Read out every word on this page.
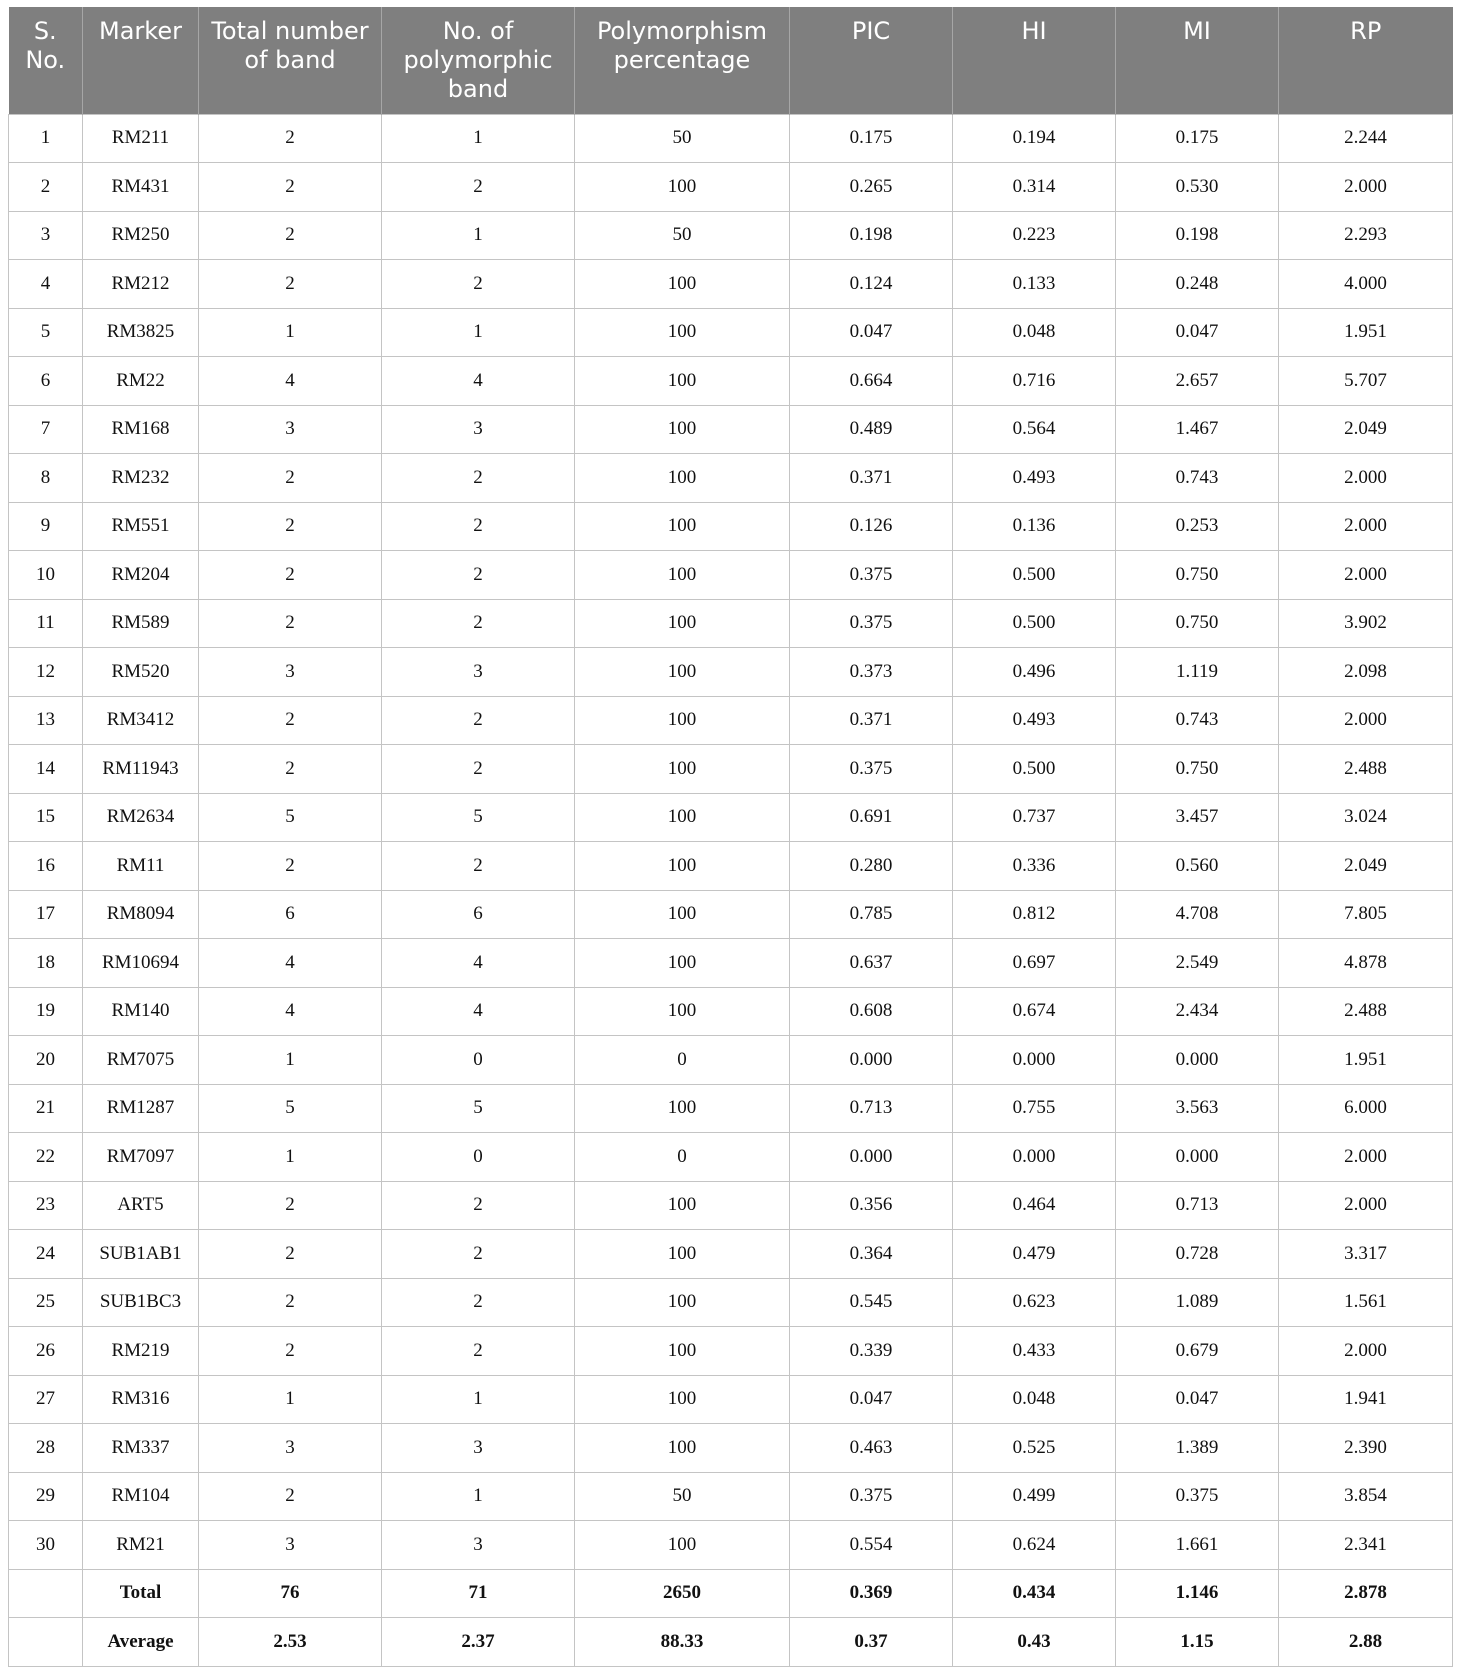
S.
No.	Marker	Total number of band	No. of polymorphic band	Polymorphism percentage	PIC	HI	MI	RP
1	RM211	2	1	50	0.175	0.194	0.175	2.244
2	RM431	2	2	100	0.265	0.314	0.530	2.000
3	RM250	2	1	50	0.198	0.223	0.198	2.293
4	RM212	2	2	100	0.124	0.133	0.248	4.000
5	RM3825	1	1	100	0.047	0.048	0.047	1.951
6	RM22	4	4	100	0.664	0.716	2.657	5.707
7	RM168	3	3	100	0.489	0.564	1.467	2.049
8	RM232	2	2	100	0.371	0.493	0.743	2.000
9	RM551	2	2	100	0.126	0.136	0.253	2.000
10	RM204	2	2	100	0.375	0.500	0.750	2.000
11	RM589	2	2	100	0.375	0.500	0.750	3.902
12	RM520	3	3	100	0.373	0.496	1.119	2.098
13	RM3412	2	2	100	0.371	0.493	0.743	2.000
14	RM11943	2	2	100	0.375	0.500	0.750	2.488
15	RM2634	5	5	100	0.691	0.737	3.457	3.024
16	RM11	2	2	100	0.280	0.336	0.560	2.049
17	RM8094	6	6	100	0.785	0.812	4.708	7.805
18	RM10694	4	4	100	0.637	0.697	2.549	4.878
19	RM140	4	4	100	0.608	0.674	2.434	2.488
20	RM7075	1	0	0	0.000	0.000	0.000	1.951
21	RM1287	5	5	100	0.713	0.755	3.563	6.000
22	RM7097	1	0	0	0.000	0.000	0.000	2.000
23	ART5	2	2	100	0.356	0.464	0.713	2.000
24	SUB1AB1	2	2	100	0.364	0.479	0.728	3.317
25	SUB1BC3	2	2	100	0.545	0.623	1.089	1.561
26	RM219	2	2	100	0.339	0.433	0.679	2.000
27	RM316	1	1	100	0.047	0.048	0.047	1.941
28	RM337	3	3	100	0.463	0.525	1.389	2.390
29	RM104	2	1	50	0.375	0.499	0.375	3.854
30	RM21	3	3	100	0.554	0.624	1.661	2.341
	Total	76	71	2650	0.369	0.434	1.146	2.878
	Average	2.53	2.37	88.33	0.37	0.43	1.15	2.88
